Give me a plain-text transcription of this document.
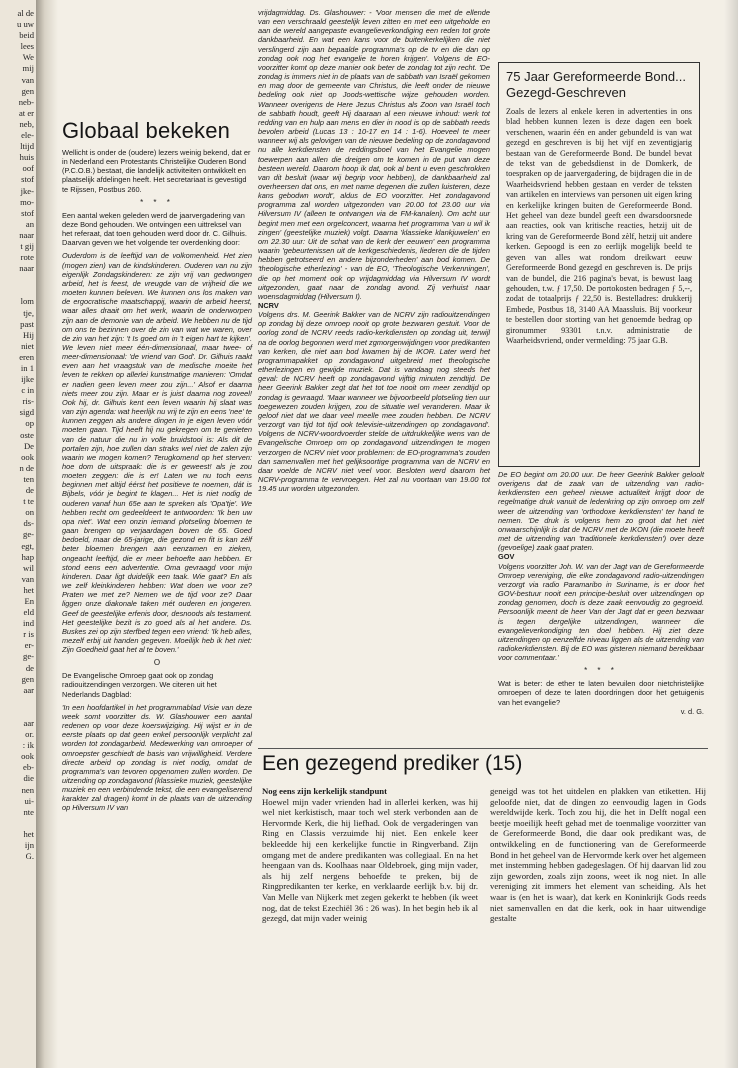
al de
u uw
beid
lees
We
mij
van
gen
neb-
at er
neb,
ele-
ltijd
huis
oof
stof
jke-
mo-
stof
an
naar
t gij
rote
naar

lom
tje,
past
Hij
niet
eren
in 1
ijke
c in
ris-
sigd
op
oste
De
ook
n de
ten
de
t te
on
ds-
ge-
egt,
hap
wil
van
het
En
eld
ind
r is
er-
ge-
de
gen
aar

aar
or.
: ik
ook
eb-
die
nen
ui-
nte

het
ijn
G.
Globaal bekeken

Wellicht is onder de (oudere) lezers weinig bekend, dat er in Nederland een Protestants Christelijke Ouderen Bond (P.C.O.B.) bestaat, die landelijk activiteiten ontwikkelt en plaatselijk afdelingen heeft. Het secretariaat is gevestigd te Rijssen, Postbus 260.

* * *

Een aantal weken geleden werd de jaarvergadering van deze Bond gehouden. We ontvingen een uittreksel van het referaat, dat toen gehouden werd door dr. C. Gilhuis. Daarvan geven we het volgende ter overdenking door:

Ouderdom is de leeftijd van de volkomenheid. Het zien (mogen zien) van de kindskinderen. Ouderen van nu zijn eigenlijk Zondagskinderen: ze zijn vrij van gedwongen arbeid, het is feest, de vreugde van de vrijheid die we moeten kunnen beleven. We kunnen ons los maken van de ergocratische maatschappij, waarin de arbeid heerst, waar alles draait om het werk, waarin de onderworpen zijn aan de demonie van de arbeid. We hebben nu de tijd om ons te bezinnen over de zin van wat we waren, over de zin van het zijn: 't Is goed om in 't eigen hart te kijken'. We leven niet meer één-dimensionaal, maar twee- of meer-dimensionaal: 'de vriend van God'. Dr. Gilhuis raakt even aan het vraagstuk van de medische moeite het leven te rekken op allerlei kunstmatige manieren: 'Omdat er nadien geen leven meer zou zijn...' Alsof er daarna niets meer zou zijn. Maar er is juist daarna nog zoveel! Ook hij, dr. Gilhuis kent een leven waarin hij slaat was van zijn agenda: wat heerlijk nu vrij te zijn en eens 'nee' te kunnen zeggen als andere dingen in je eigen leven vóór moeten gaan. Tijd heeft hij nu gekregen om te genieten van de natuur die nu in volle bruidstooi is: Als dit de portalen zijn, hoe zullen dan straks wel niet de zalen zijn waarin we mogen komen? Terugkomend op het sterven: hoe dom de uitspraak: die is er geweest! als je zou moeten zeggen: die is er! Laten we nu toch eens beginnen met altijd éérst het positieve te noemen, dát is Bijbels, vóór je begint te klagen... Het is niet nodig de ouderen vanaf hun 65e aan te spreken als 'Opa'tje'. We hebben recht om gedeeldeert te antwoorden: 'Ik ben uw opa niet'. Wat een onzin iemand plotseling bloemen te gaan brengen op verjaardagen boven de 65. Goed bedoeld, maar de 65-jarige, die gezond en fit is kan zélf beter bloemen brengen aan eenzamen en zieken, ongeacht leeftijd, die er meer behoefte aan hebben. Er stond eens een advertentie. Oma gevraagd voor mijn kinderen. Daar ligt duidelijk een taak. Wie gaat? En als we zelf kleinkinderen hebben: Wat doen we voor ze? Praten we met ze? Nemen we de tijd voor ze? Daar liggen onze diakonale taken mét ouderen en jongeren. Geef de geestelijke erfenis door, desnoods als testament. Het geestelijke bezit is zo goed als al het andere. Ds. Buskes zei op zijn sterfbed tegen een vriend: 'Ik heb alles, mezelf erbij uit handen gegeven. Moeilijk heb ik het niet: Zijn Goedheid gaat het al te boven.'

O

De Evangelische Omroep gaat ook op zondag radiouitzendingen verzorgen. We citeren uit het Nederlands Dagblad:

'In een hoofdartikel in het programmablad Visie van deze week somt voorzitter ds. W. Glashouwer een aantal redenen op voor deze koerswijziging. Hij wijst er in de eerste plaats op dat geen enkel persoonlijk verplicht zal worden tot zondagarbeid. Medewerking van omroeper of omroepster geschiedt de basis van vrijwilligheid. Verdere directe arbeid op zondag is niet nodig, omdat de programma's van tevoren opgenomen zullen worden. De uitzending op zondagavond (klassieke muziek, geestelijke muziek en een verbindende tekst, die een evangeliserend karakter zal dragen) komt in de plaats van de uitzending op Hilversum IV van

vrijdagmiddag. Ds. Glashouwer: - 'Voor mensen die met de ellende van een verschraald geestelijk leven zitten en met een uitgeholde en aan de wereld aangepaste evangelieverkondiging een reden tot grote dankbaarheid. En wat een kans voor de buitenkerkelijken die niet verslingerd zijn aan bepaalde programma's op de tv en die dan op zondag ook nog het evangelie te horen krijgen'. Volgens de EO-voorzitter komt op deze manier ook beter de zondag tot zijn recht. 'De zondag is immers niet in de plaats van de sabbath van Israël gekomen en mag door de gemeente van Christus, die leeft onder de nieuwe bedeling ook niet op Joods-wettische wijze gehouden worden. Wanneer overigens de Here Jezus Christus als Zoon van Israël toch de sabbath houdt, geeft Hij daaraan al een nieuwe inhoud: werk tot redding van en hulp aan mens en dier in nood is op de sabbath reeds bevolen arbeid (Lucas 13 : 10-17 en 14 : 1-6). Hoeveel te meer wanneer wij als gelovigen van de nieuwe bedeling op de zondagavond nu alle kerkdiensten de reddingsboel van het Evangelie mogen toewerpen aan allen die dreigen om te komen in de put van deze besteen wereld. Daarom hoop ik dat, ook al bent u even geschrokken van dit besluit (waar wij begrip voor hebben), de dankbaarheid zal overheersen dat ons, en met name degenen die zullen luisteren, deze kans gebodwn wordt', aldus de EO voorzitter. Het zondagavond programma zal worden uitgezonden van 20.00 tot 23.00 uur via Hilversum IV (alleen te ontvangen via de FM-kanalen). Om acht uur begint men met een orgelconcert, waarna het programma 'van u wil ik zingen' (geestelijke muziek) volgt. Daarna 'klassieke klankjuwelen' en om 22.30 uur: Uit de schat van de kerk der eeuwen' een programma waarin 'gebeurtenissen uit de kerkgeschiedenis, liederen die de tijden hebben getrotseerd en andere bijzonderheden' aan bod komen. De 'theologische etherlezing' - van de EO, 'Theologische Verkenningen', die op het moment ook op vrijdagmiddag via Hilversum IV wordt uitgezonden, gaat naar de zondag avond. Zij verhuist naar woensdagmiddag (Hilversum I).

NCRV

Volgens drs. M. Geerink Bakker van de NCRV zijn radiouitzendingen op zondag bij deze omroep nooit op grote bezwaren gestuit. Voor de oorlog zond de NCRV reeds radio-kerkdiensten op zondag uit, terwijl na de oorlog begonnen werd met zgmorgenwijdingen voor predikanten van kerken, die niet aan bod kwamen bij de IKOR. Later werd het programmapakket op zondagavond uitgebreid met theologische etherlezingen en gewijde muziek. Dat is vandaag nog steeds het geval: de NCRV heeft op zondagavond vijftig minuten zendtijd. De heer Geerink Bakker zegt dat het tot toe nooit om meer zendtijd op zondag is gevraagd. 'Maar wanneer we bijvoorbeeld plotseling tien uur toegewezen zouden krijgen, zou de situatie wel veranderen. Maar ik geloof niet dat we daar veel meelle mee zouden hebben. De NCRV verzorgt van tijd tot tijd ook televisie-uitzendingen op zondagavond'. Volgens de NCRV-woordvoerder stelde de uitdrukkelijke wens van de Evangelische Omroep om op zondagavond uitzendingen te mogen verzorgen de NCRV niet voor problemen: de EO-programma's zouden dan samenvallen met het gelijksoortige programma van de NCRV en daar voelde de NCRV niet veel voor. Besloten werd daarom het NCRV-programma te vervroegen. Het zal nu voortaan van 19.00 tot 19.45 uur worden uitgezonden.

75 Jaar Gereformeerde Bond... Gezegd-Geschreven
Zoals de lezers al enkele keren in advertenties in ons blad hebben kunnen lezen is deze dagen een boek verschenen, waarin één en ander gebundeld is van wat gezegd en geschreven is bij het vijf en zeventigjarig bestaan van de Gereformeerde Bond. De bundel bevat de tekst van de gebedsdienst in de Domkerk, de toespraken op de jaarvergadering, de bijdragen die in de Waarheidsvriend hebben gestaan en verder de teksten van artikelen en interviews van personen uit eigen kring en kerkelijke kringen buiten de Gereformeerde Bond. Het geheel van deze bundel geeft een dwarsdoorsnede aan reacties, ook van kritische reacties, hetzij uit de kring van de Gereformeerde Bond zèlf, hetzij uit andere kerken. Gepoogd is een zo eerlijk mogelijk beeld te geven van alles wat rondom dreikwart eeuw Gereformeerde Bond gezegd en geschreven is. De prijs van de bundel, die 216 pagina's bevat, is bewust laag gehouden, t.w. ƒ 17,50. De portokosten bedragen ƒ 5,--, zodat de totaalprijs ƒ 22,50 is. Bestelladres: drukkerij Embede, Postbus 18, 3140 AA Maassluis. Bij voorkeur te bestellen door storting van het genoemde bedrag op gironummer 93301 t.n.v. administratie de Waarheidsvriend, onder vermelding: 75 jaar G.B.

De EO begint om 20.00 uur. De heer Geerink Bakker geloolt overigens dat de zaak van de uitzending van radio-kerkdiensten een geheel nieuwe actualiteit krijgt door de regelmatige druk vanuit de ledenkring op zijn omroep om zelf weer de uitzending van 'orthodoxe kerkdiensten' ter hand te nemen. 'De druk is volgens hem zo groot dat het niet onwaarschijnlijk is dat de NCRV met de IKON (die moete heeft met de uitzending van 'traditionele kerkdiensten') over deze (gevoelige) zaak gaat praten.

GOV

Volgens voorzitter Joh. W. van der Jagt van de Gereformeerde Omroep vereniging, die elke zondagavond radio-uitzendingen verzorgt via radio Paramaribo in Suriname, is er door het GOV-bestuur nooit een principe-besluit over uitzendingen op zondag genomen, doch is deze zaak eenvoudig zo gegroeid. Persoonlijk meent de heer Van der Jagt dat er geen bezwaar is tegen dergelijke uitzendingen, wanneer die evangelieverkondiging ten doel hebben. Hij ziet deze uitzendingen op eenzelfde niveau liggen als de uitzending van radiokerkdiensten. Bij de EO was gisteren niemand bereikbaar voor commentaar.'

* * *

Wat is beter: de ether te laten bevuilen door nietchristelijke omroepen of deze te laten doordringen door het getuigenis van het evangelie?

v. d. G.
Een gezegend prediker (15)
Nog eens zijn kerkelijk standpunt

Hoewel mijn vader vrienden had in allerlei kerken, was hij wel niet kerkistisch, maar toch wel sterk verbonden aan de Hervormde Kerk, die hij liefhad. Ook de vergaderingen van Ring en Classis verzuimde hij niet. Een enkele keer bekleedde hij een kerkelijke functie in Ringverband. Zijn omgang met de andere predikanten was collegiaal. En na het heengaan van ds. Koolhaas naar Oldebroek, ging mijn vader, als hij zelf nergens behoefde te preken, bij de Ringpredikanten ter kerke, en verklaarde eerlijk b.v. bij dr. Van Melle van Nijkerk met zegen gekerkt te hebben (ik weet nog, dat de tekst Ezechiël 36 : 26 was). In het begin heb ik al gezegd, dat mijn vader weinig

geneigd was tot het uitdelen en plakken van etiketten. Hij geloofde niet, dat de dingen zo eenvoudig lagen in Gods wereldwijde kerk. Toch zou hij, die het in Delft nogal een beetje moeilijk heeft gehad met de toenmalige voorzitter van de Gereformeerde Bond, die daar ook predikant was, de ontwikkeling en de functionering van de Gereformeerde Bond in het geheel van de Hervormde kerk over het algemeen met instemming hebben gadegeslagen. Of hij daarvan lid zou zijn geworden, zoals zijn zoons, weet ik nog niet. In alle vereniging zit immers het element van scheiding. Als het waar is (en het is waar), dat kerk en Koninkrijk Gods reeds niet samenvallen en dat die kerk, ook in haar uitwendige gestalte
